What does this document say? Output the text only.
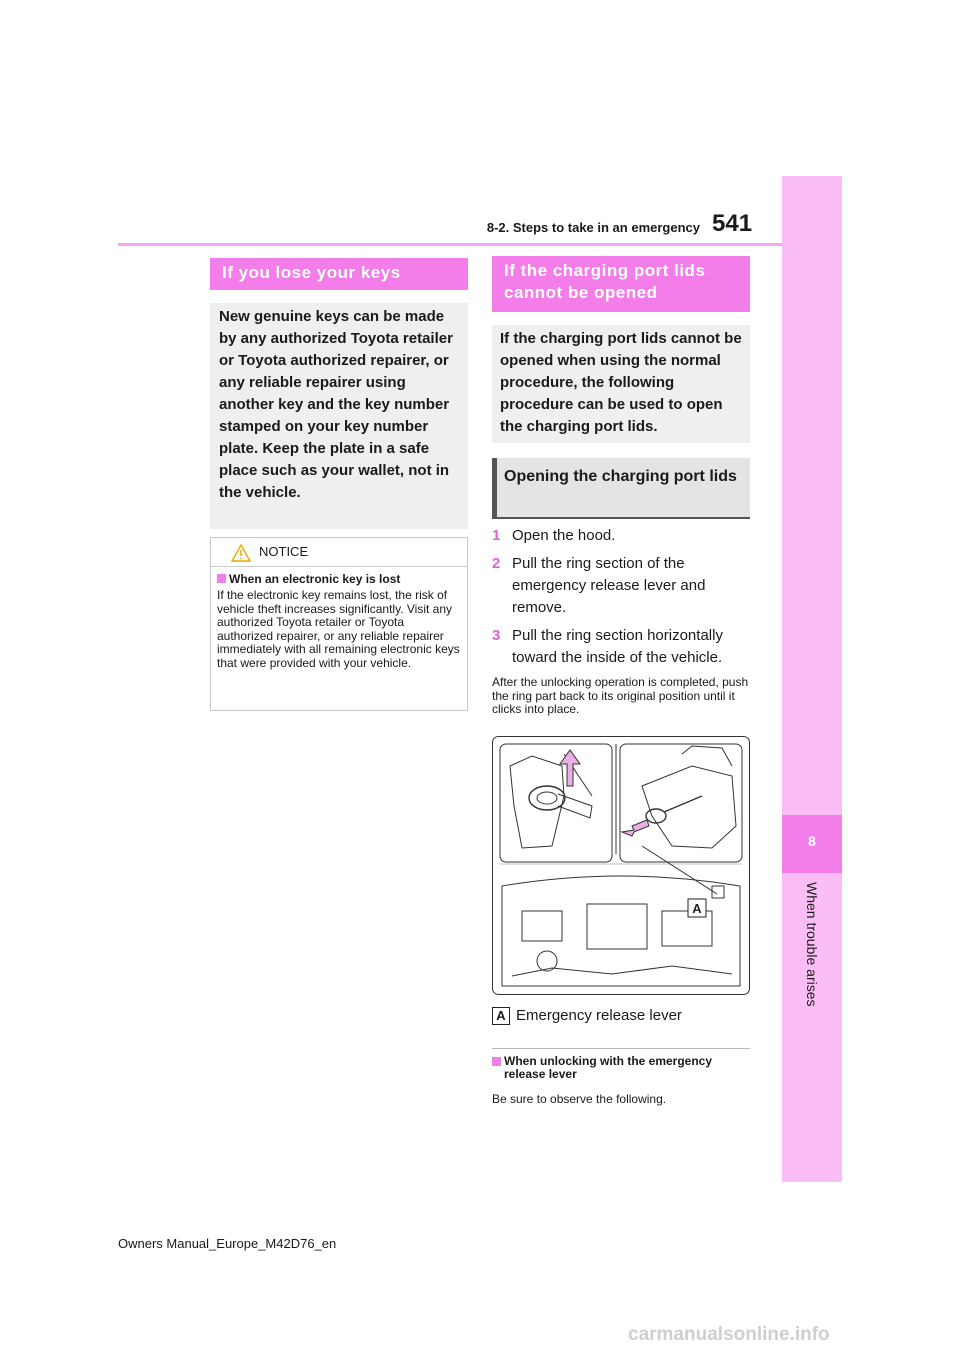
8-2. Steps to take in an emergency 541
8
When trouble arises
If you lose your keys

New genuine keys can be made by any authorized Toyota retailer or Toyota authorized repairer, or any reliable repairer using another key and the key number stamped on your key number plate. Keep the plate in a safe place such as your wallet, not in the vehicle.

NOTICE
When an electronic key is lost
If the electronic key remains lost, the risk of vehicle theft increases significantly. Visit any authorized Toyota retailer or Toyota authorized repairer, or any reliable repairer immediately with all remaining electronic keys that were provided with your vehicle.
If the charging port lids cannot be opened

If the charging port lids cannot be opened when using the normal procedure, the following procedure can be used to open the charging port lids.

Opening the charging port lids
1 Open the hood.
2 Pull the ring section of the emergency release lever and remove.
3 Pull the ring section horizontally toward the inside of the vehicle.
After the unlocking operation is completed, push the ring part back to its original position until it clicks into place.
A
A Emergency release lever
When unlocking with the emergency release lever
Be sure to observe the following.
Owners Manual_Europe_M42D76_en
carmanualsonline.info
